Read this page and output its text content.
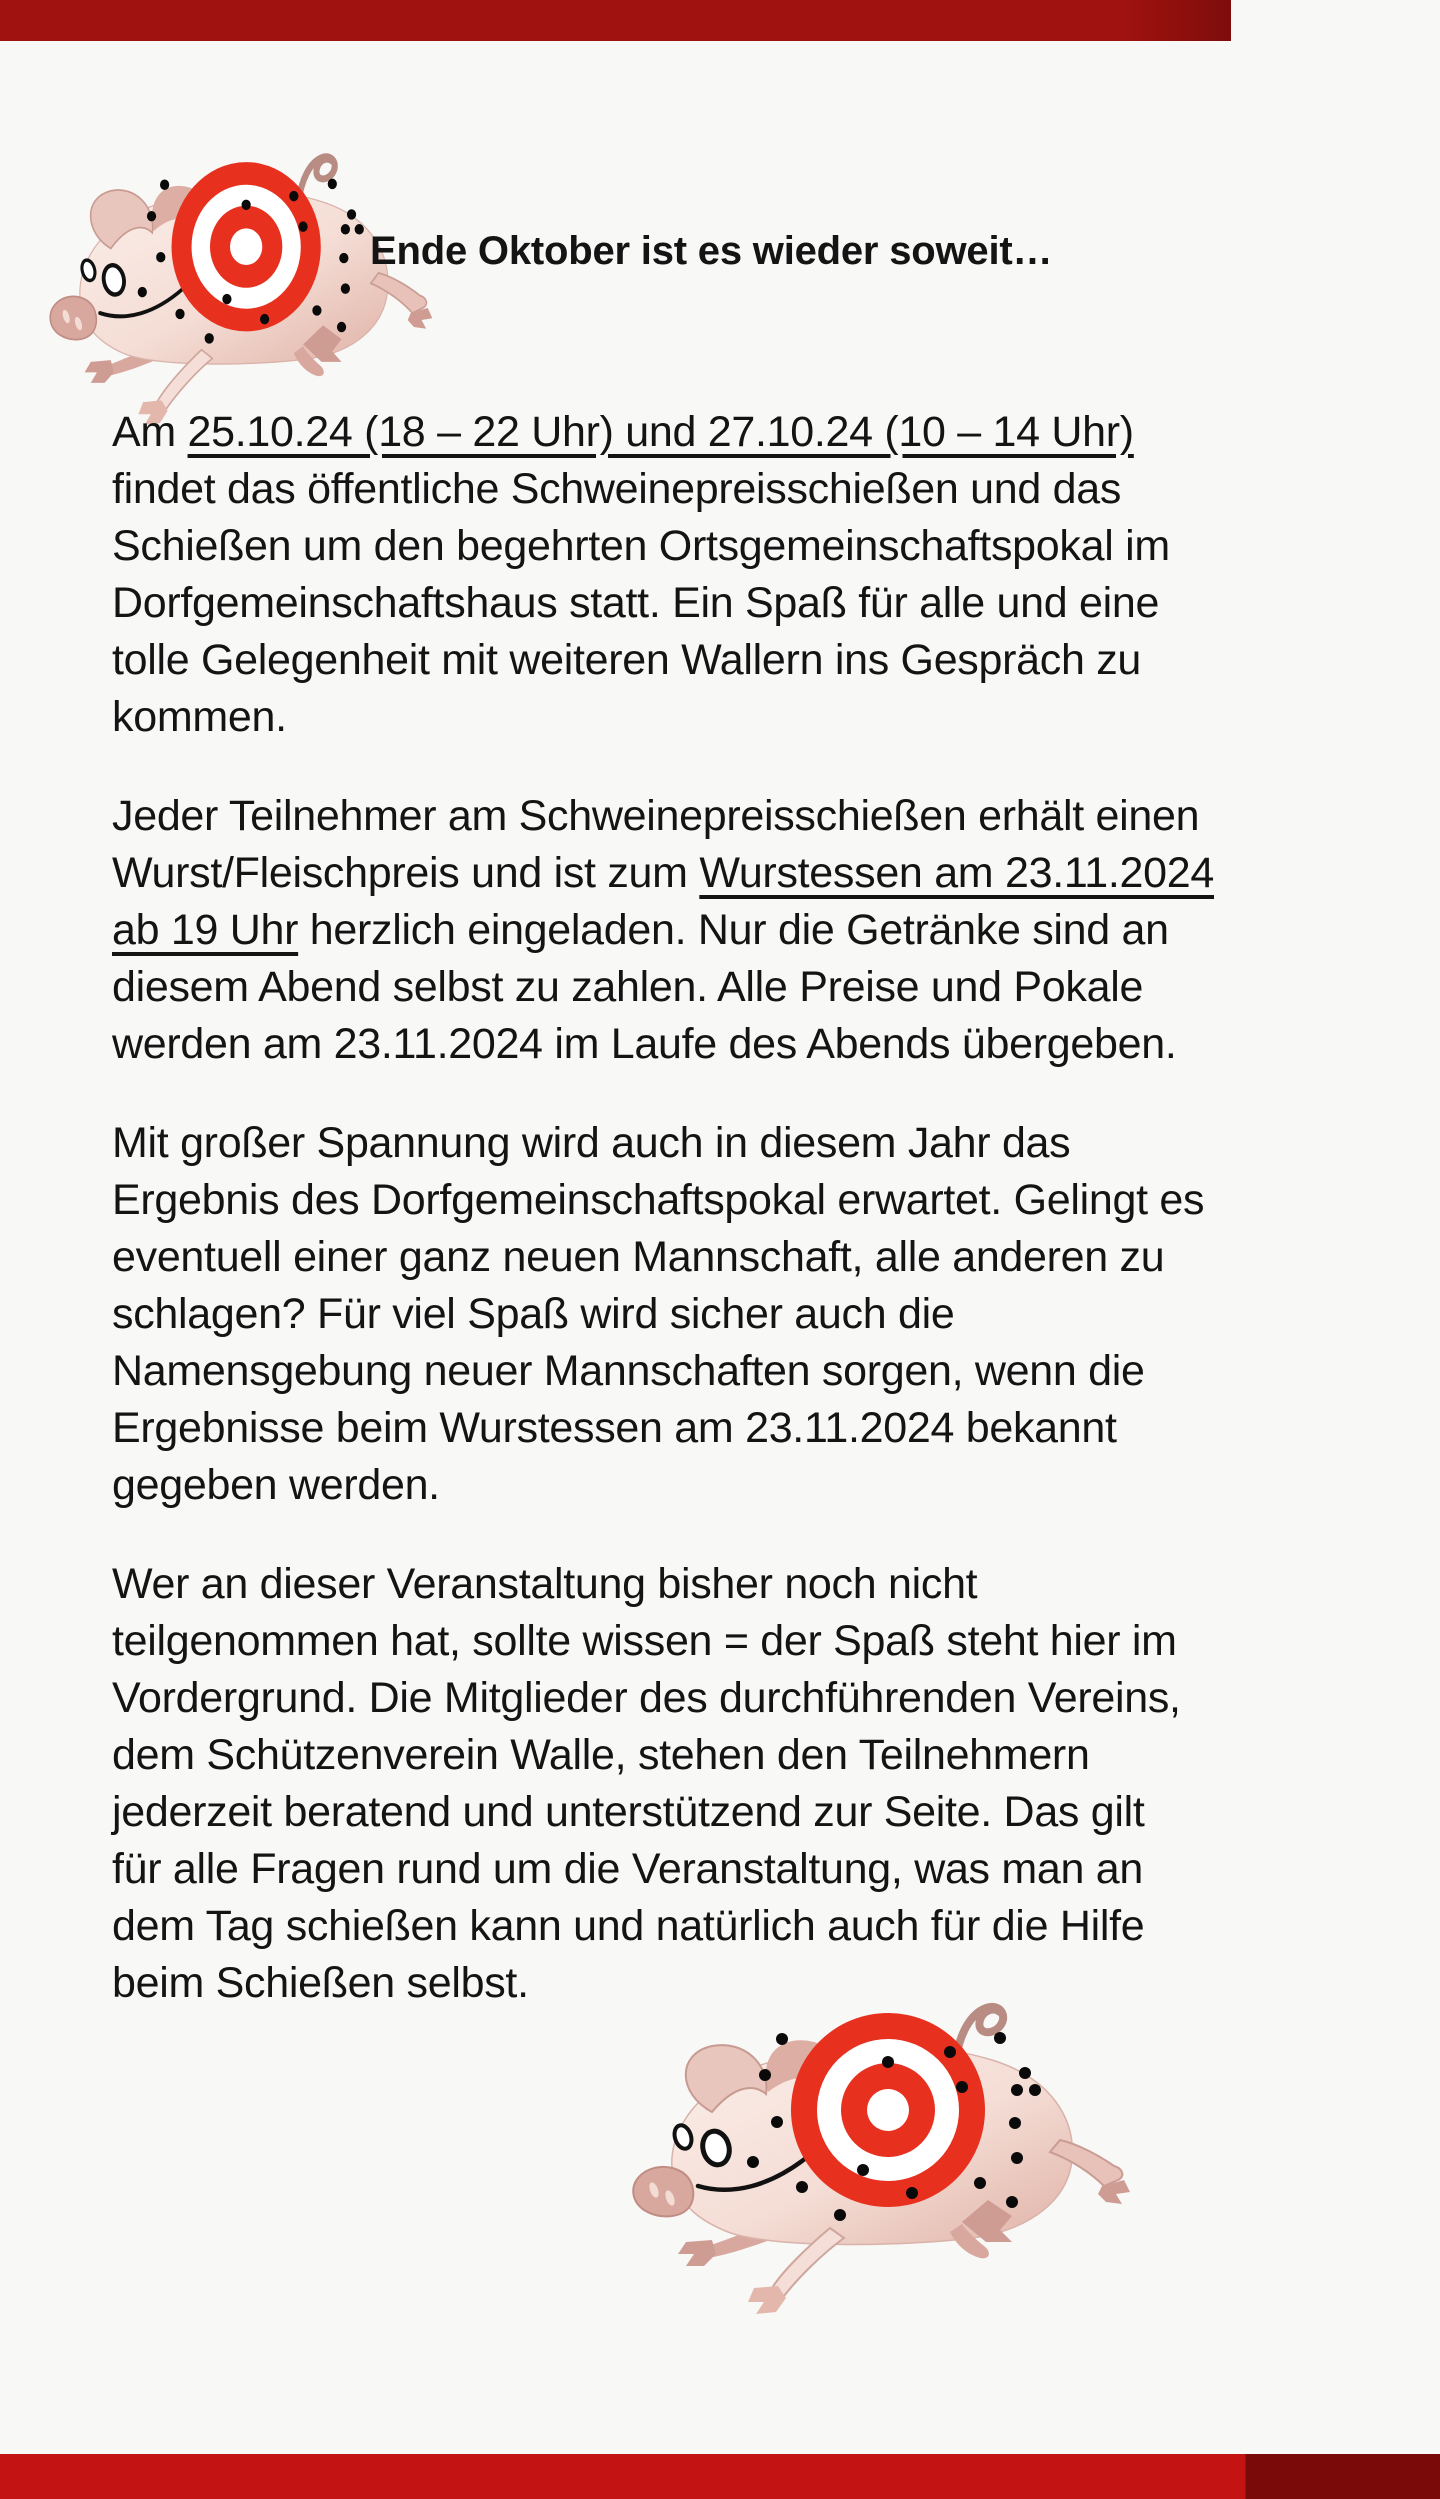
Ende Oktober ist es wieder soweit…
Am 25.10.24 (18 – 22 Uhr) und 27.10.24 (10 – 14 Uhr)
findet das öffentliche Schweinepreisschießen und das
Schießen um den begehrten Ortsgemeinschaftspokal im
Dorfgemeinschaftshaus statt. Ein Spaß für alle und eine
tolle Gelegenheit mit weiteren Wallern ins Gespräch zu
kommen.
Jeder Teilnehmer am Schweinepreisschießen erhält einen
Wurst/Fleischpreis und ist zum Wurstessen am 23.11.2024
ab 19 Uhr herzlich eingeladen. Nur die Getränke sind an
diesem Abend selbst zu zahlen. Alle Preise und Pokale
werden am 23.11.2024 im Laufe des Abends übergeben.
Mit großer Spannung wird auch in diesem Jahr das
Ergebnis des Dorfgemeinschaftspokal erwartet. Gelingt es
eventuell einer ganz neuen Mannschaft, alle anderen zu
schlagen? Für viel Spaß wird sicher auch die
Namensgebung neuer Mannschaften sorgen, wenn die
Ergebnisse beim Wurstessen am 23.11.2024 bekannt
gegeben werden.
Wer an dieser Veranstaltung bisher noch nicht
teilgenommen hat, sollte wissen = der Spaß steht hier im
Vordergrund. Die Mitglieder des durchführenden Vereins,
dem Schützenverein Walle, stehen den Teilnehmern
jederzeit beratend und unterstützend zur Seite. Das gilt
für alle Fragen rund um die Veranstaltung, was man an
dem Tag schießen kann und natürlich auch für die Hilfe
beim Schießen selbst.
